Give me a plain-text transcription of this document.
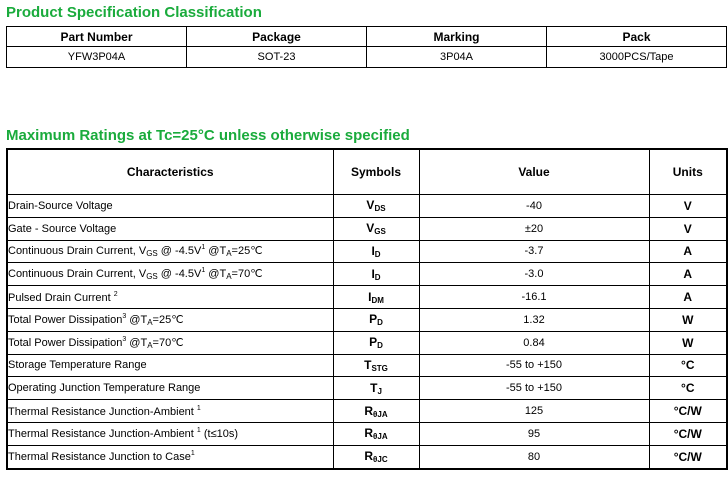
Product Specification Classification
Part Number	Package	Marking	Pack
YFW3P04A	SOT-23	3P04A	3000PCS/Tape
Maximum Ratings at Tc=25°C unless otherwise specified
Characteristics	Symbols	Value	Units
Drain-Source Voltage	$V_{DS}$	-40	V
Gate - Source Voltage	$V_{GS}$	±20	V
Continuous Drain Current, $V_{GS}$ @ $-4.5V^1$ $@T_A=25℃$	$I_D$	-3.7	A
Continuous Drain Current, $V_{GS}$ @ $-4.5V^1$ $@T_A=70℃$	$I_D$	-3.0	A
Pulsed Drain Current $^2$	$I_{DM}$	-16.1	A
Total Power Dissipation$^3$ $@T_A=25℃$	$P_D$	1.32	W
Total Power Dissipation$^3$ $@T_A=70℃$	$P_D$	0.84	W
Storage Temperature Range	$T_{STG}$	-55 to +150	°C
Operating Junction Temperature Range	$T_J$	-55 to +150	°C
Thermal Resistance Junction-Ambient $^1$	$R_{\theta JA}$	125	°C/W
Thermal Resistance Junction-Ambient $^1$ (t≤10s)	$R_{\theta JA}$	95	°C/W
Thermal Resistance Junction to Case$^1$	$R_{\theta JC}$	80	°C/W
